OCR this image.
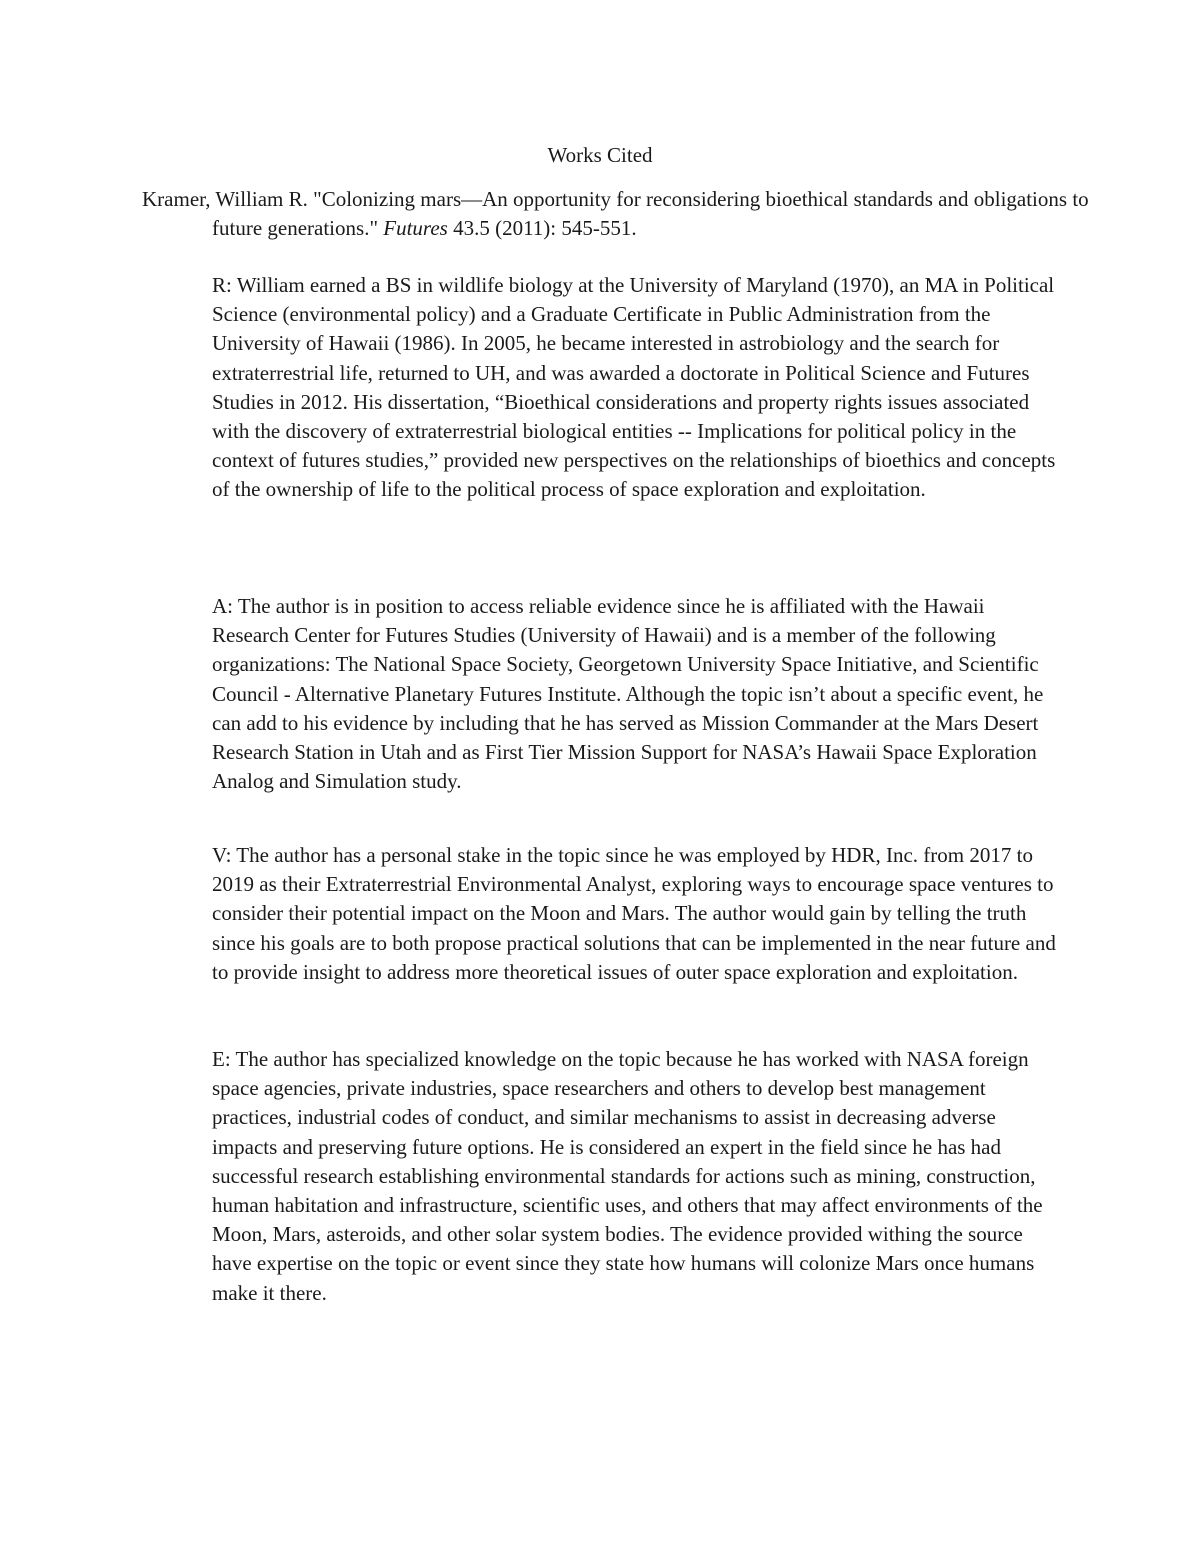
Works Cited
Kramer, William R. "Colonizing mars—An opportunity for reconsidering bioethical standards and obligations to future generations." Futures 43.5 (2011): 545-551.

R: William earned a BS in wildlife biology at the University of Maryland (1970), an MA in Political Science (environmental policy) and a Graduate Certificate in Public Administration from the University of Hawaii (1986). In 2005, he became interested in astrobiology and the search for extraterrestrial life, returned to UH, and was awarded a doctorate in Political Science and Futures Studies in 2012. His dissertation, “Bioethical considerations and property rights issues associated with the discovery of extraterrestrial biological entities -- Implications for political policy in the context of futures studies,” provided new perspectives on the relationships of bioethics and concepts of the ownership of life to the political process of space exploration and exploitation.

A: The author is in position to access reliable evidence since he is affiliated with the Hawaii Research Center for Futures Studies (University of Hawaii) and is a member of the following organizations: The National Space Society, Georgetown University Space Initiative, and Scientific Council - Alternative Planetary Futures Institute. Although the topic isn’t about a specific event, he can add to his evidence by including that he has served as Mission Commander at the Mars Desert Research Station in Utah and as First Tier Mission Support for NASA’s Hawaii Space Exploration Analog and Simulation study.

V: The author has a personal stake in the topic since he was employed by HDR, Inc. from 2017 to 2019 as their Extraterrestrial Environmental Analyst, exploring ways to encourage space ventures to consider their potential impact on the Moon and Mars. The author would gain by telling the truth since his goals are to both propose practical solutions that can be implemented in the near future and to provide insight to address more theoretical issues of outer space exploration and exploitation.

E: The author has specialized knowledge on the topic because he has worked with NASA foreign space agencies, private industries, space researchers and others to develop best management practices, industrial codes of conduct, and similar mechanisms to assist in decreasing adverse impacts and preserving future options. He is considered an expert in the field since he has had successful research establishing environmental standards for actions such as mining, construction, human habitation and infrastructure, scientific uses, and others that may affect environments of the Moon, Mars, asteroids, and other solar system bodies. The evidence provided withing the source have expertise on the topic or event since they state how humans will colonize Mars once humans make it there.
